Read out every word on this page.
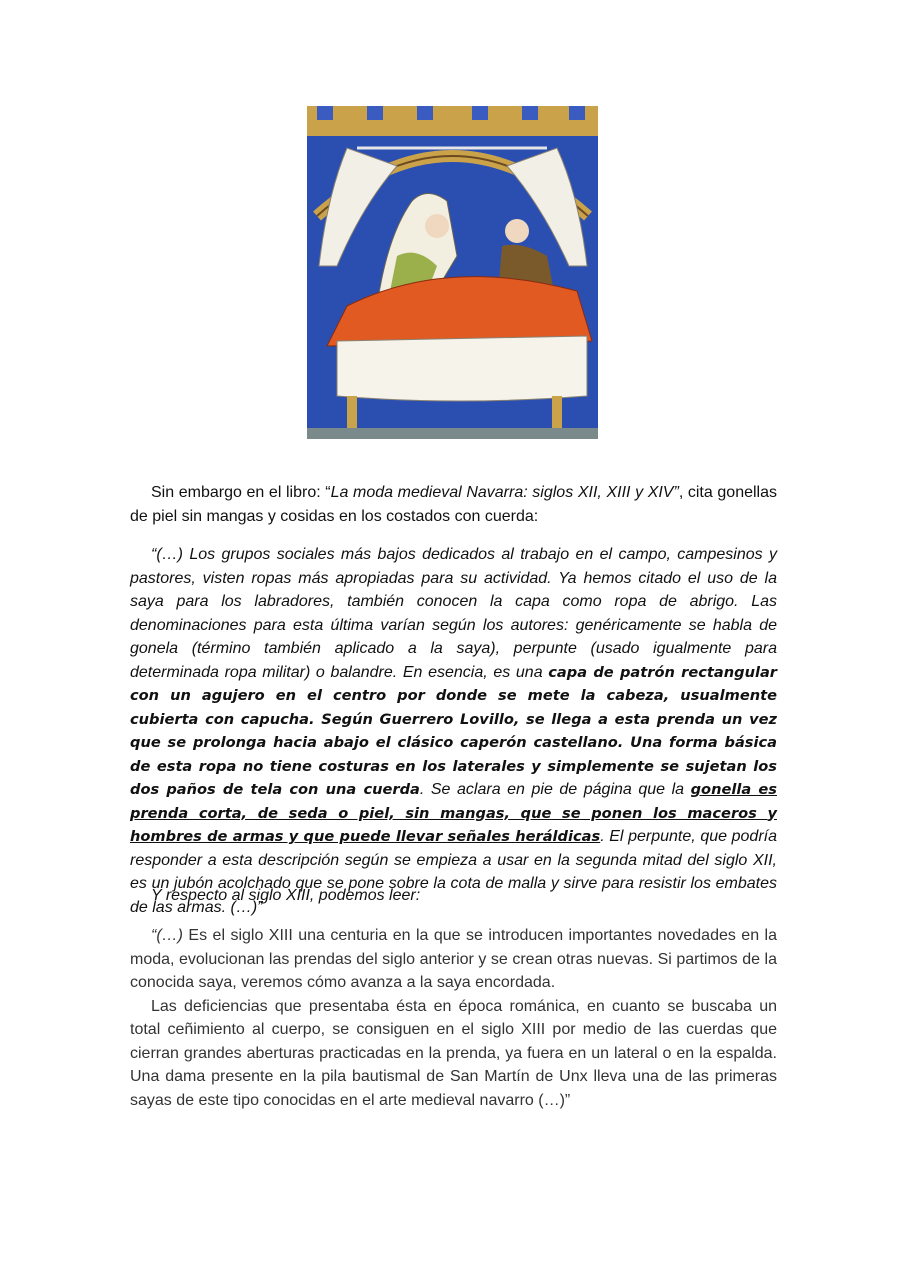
Sin embargo en el libro: “La moda medieval Navarra: siglos XII, XIII y XIV”, cita gonellas de piel sin mangas y cosidas en los costados con cuerda:

“(…) Los grupos sociales más bajos dedicados al trabajo en el campo, campesinos y pastores, visten ropas más apropiadas para su actividad. Ya hemos citado el uso de la saya para los labradores, también conocen la capa como ropa de abrigo. Las denominaciones para esta última varían según los autores: genéricamente se habla de gonela (término también aplicado a la saya), perpunte (usado igualmente para determinada ropa militar) o balandre. En esencia, es una capa de patrón rectangular con un agujero en el centro por donde se mete la cabeza, usualmente cubierta con capucha. Según Guerrero Lovillo, se llega a esta prenda un vez que se prolonga hacia abajo el clásico caperón castellano. Una forma básica de esta ropa no tiene costuras en los laterales y simplemente se sujetan los dos paños de tela con una cuerda. Se aclara en pie de página que la gonella es prenda corta, de seda o piel, sin mangas, que se ponen los maceros y hombres de armas y que puede llevar señales heráldicas. El perpunte, que podría responder a esta descripción según se empieza a usar en la segunda mitad del siglo XII, es un jubón acolchado que se pone sobre la cota de malla y sirve para resistir los embates de las armas. (…)”

Y respecto al siglo XIII, podemos leer:

“(…) Es el siglo XIII una centuria en la que se introducen importantes novedades en la moda, evolucionan las prendas del siglo anterior y se crean otras nuevas. Si partimos de la conocida saya, veremos cómo avanza a la saya encordada.

Las deficiencias que presentaba ésta en época románica, en cuanto se buscaba un total ceñimiento al cuerpo, se consiguen en el siglo XIII por medio de las cuerdas que cierran grandes aberturas practicadas en la prenda, ya fuera en un lateral o en la espalda. Una dama presente en la pila bautismal de San Martín de Unx lleva una de las primeras sayas de este tipo conocidas en el arte medieval navarro (…)”
